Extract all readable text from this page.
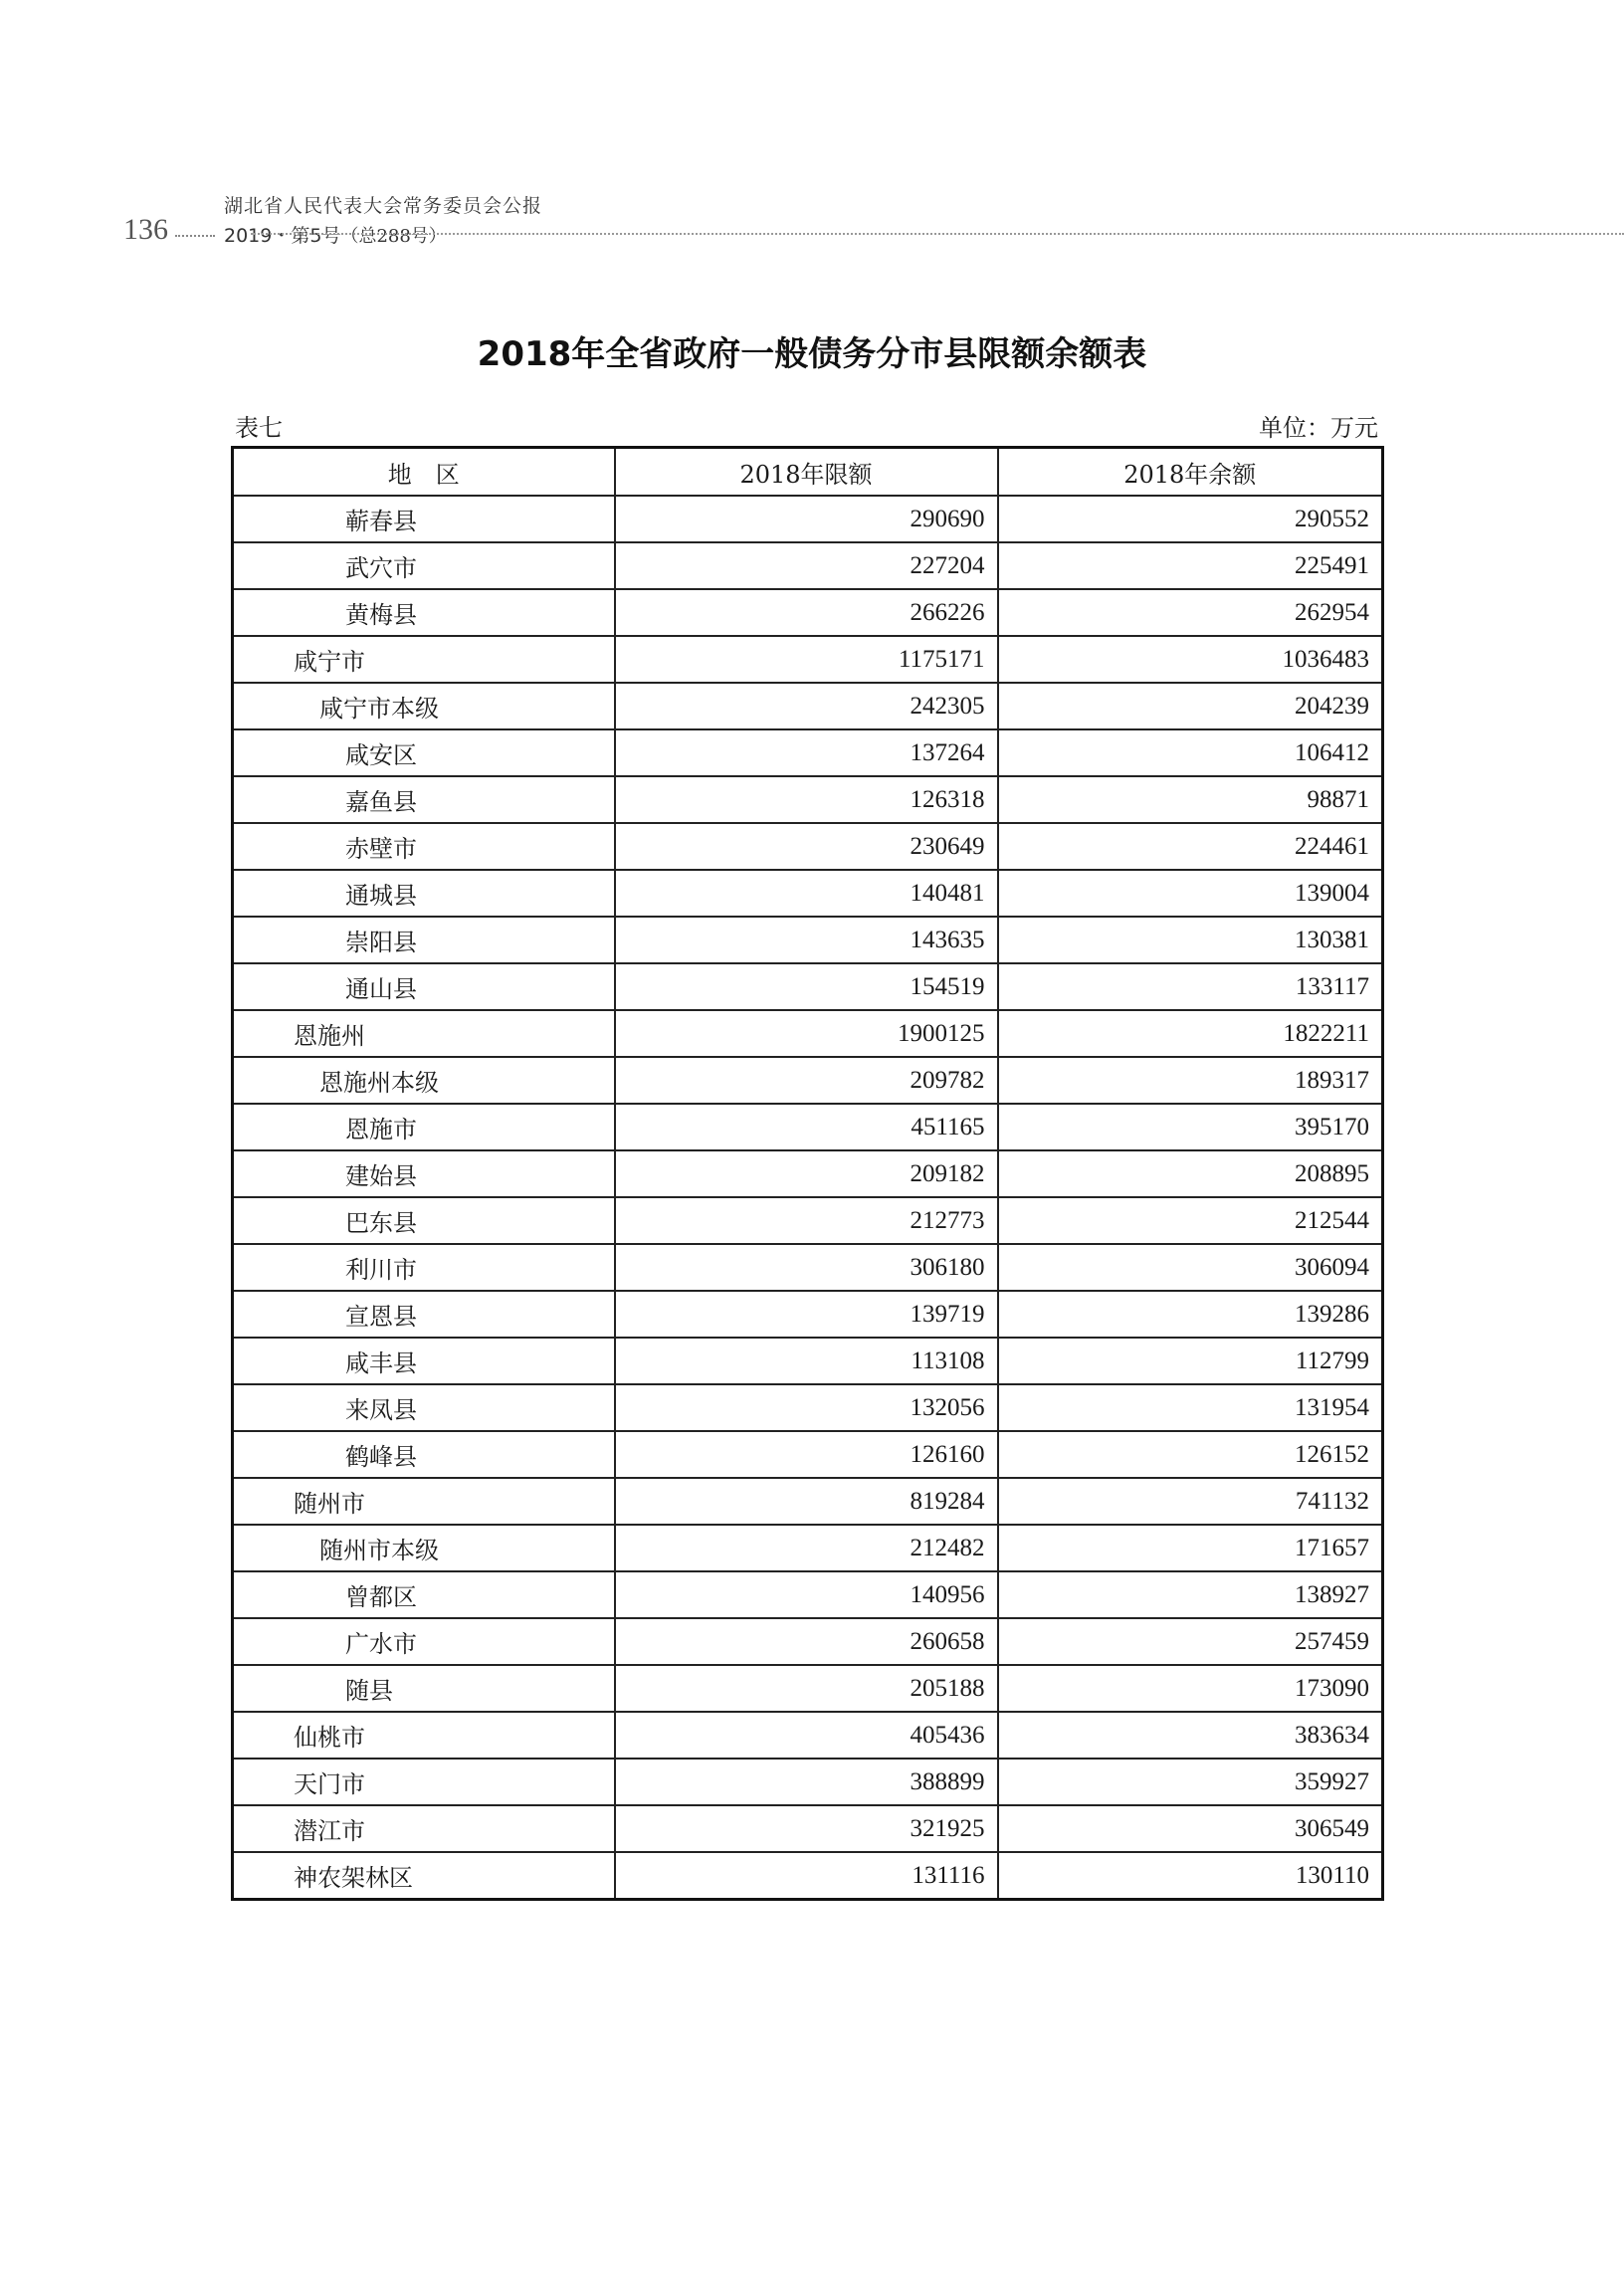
136
湖北省人民代表大会常务委员会公报
2019・第5号（总288号）
2018年全省政府一般债务分市县限额余额表
表七	单位：万元
地　区	2018年限额	2018年余额
蕲春县	290690	290552
武穴市	227204	225491
黄梅县	266226	262954
咸宁市	1175171	1036483
咸宁市本级	242305	204239
咸安区	137264	106412
嘉鱼县	126318	98871
赤壁市	230649	224461
通城县	140481	139004
崇阳县	143635	130381
通山县	154519	133117
恩施州	1900125	1822211
恩施州本级	209782	189317
恩施市	451165	395170
建始县	209182	208895
巴东县	212773	212544
利川市	306180	306094
宣恩县	139719	139286
咸丰县	113108	112799
来凤县	132056	131954
鹤峰县	126160	126152
随州市	819284	741132
随州市本级	212482	171657
曾都区	140956	138927
广水市	260658	257459
随县	205188	173090
仙桃市	405436	383634
天门市	388899	359927
潜江市	321925	306549
神农架林区	131116	130110
